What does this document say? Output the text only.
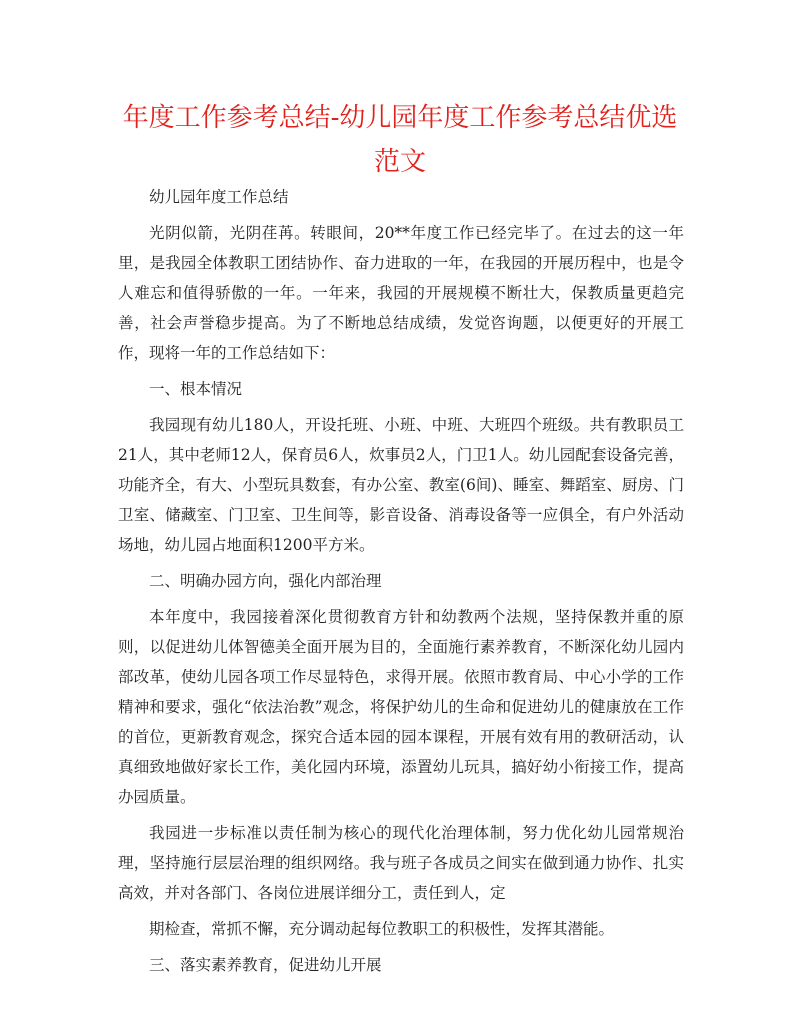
年度工作参考总结-幼儿园年度工作参考总结优选范文

幼儿园年度工作总结

光阴似箭，光阴荏苒。转眼间，20**年度工作已经完毕了。在过去的这一年里，是我园全体教职工团结协作、奋力进取的一年，在我园的开展历程中，也是令人难忘和值得骄傲的一年。一年来，我园的开展规模不断壮大，保教质量更趋完善，社会声誉稳步提高。为了不断地总结成绩，发觉咨询题，以便更好的开展工作，现将一年的工作总结如下：

一、根本情况

我园现有幼儿180人，开设托班、小班、中班、大班四个班级。共有教职员工21人，其中老师12人，保育员6人，炊事员2人，门卫1人。幼儿园配套设备完善，功能齐全，有大、小型玩具数套，有办公室、教室(6间)、睡室、舞蹈室、厨房、门卫室、储藏室、门卫室、卫生间等，影音设备、消毒设备等一应俱全，有户外活动场地，幼儿园占地面积1200平方米。

二、明确办园方向，强化内部治理

本年度中，我园接着深化贯彻教育方针和幼教两个法规，坚持保教并重的原则，以促进幼儿体智德美全面开展为目的，全面施行素养教育，不断深化幼儿园内部改革，使幼儿园各项工作尽显特色，求得开展。依照市教育局、中心小学的工作精神和要求，强化“依法治教”观念，将保护幼儿的生命和促进幼儿的健康放在工作的首位，更新教育观念，探究合适本园的园本课程，开展有效有用的教研活动，认真细致地做好家长工作，美化园内环境，添置幼儿玩具，搞好幼小衔接工作，提高办园质量。

我园进一步标准以责任制为核心的现代化治理体制，努力优化幼儿园常规治理，坚持施行层层治理的组织网络。我与班子各成员之间实在做到通力协作、扎实高效，并对各部门、各岗位进展详细分工，责任到人，定

期检查，常抓不懈，充分调动起每位教职工的积极性，发挥其潜能。

三、落实素养教育，促进幼儿开展
